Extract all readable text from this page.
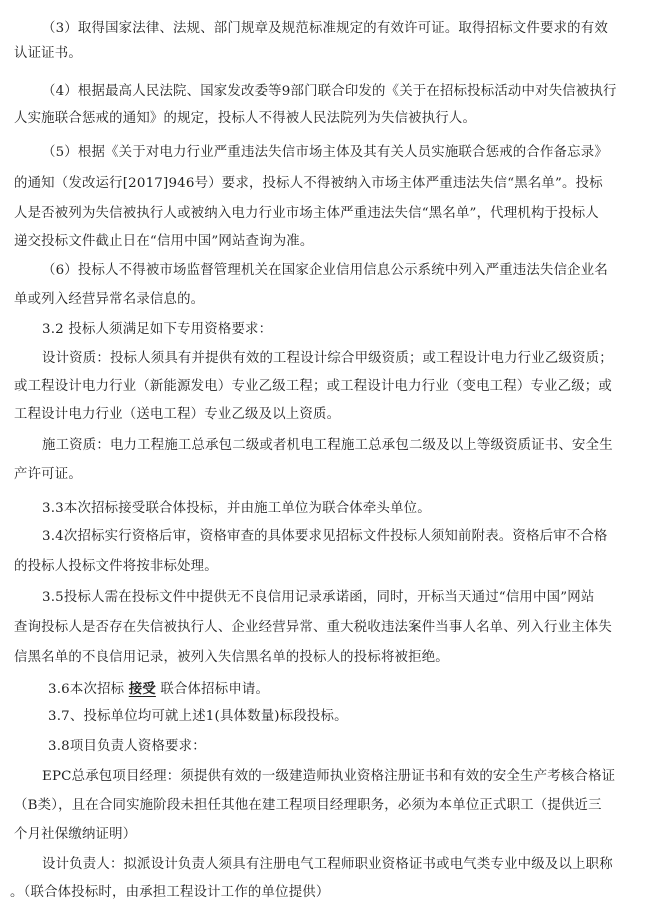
（3）取得国家法律、法规、部门规章及规范标准规定的有效许可证。取得招标文件要求的有效
认证证书。
（4）根据最高人民法院、国家发改委等9部门联合印发的《关于在招标投标活动中对失信被执行
人实施联合惩戒的通知》的规定，投标人不得被人民法院列为失信被执行人。
（5）根据《关于对电力行业严重违法失信市场主体及其有关人员实施联合惩戒的合作备忘录》
的通知（发改运行[2017]946号）要求，投标人不得被纳入市场主体严重违法失信“黑名单”。投标
人是否被列为失信被执行人或被纳入电力行业市场主体严重违法失信“黑名单”，代理机构于投标人
递交投标文件截止日在“信用中国”网站查询为准。
（6）投标人不得被市场监督管理机关在国家企业信用信息公示系统中列入严重违法失信企业名
单或列入经营异常名录信息的。
3.2 投标人须满足如下专用资格要求：
设计资质：投标人须具有并提供有效的工程设计综合甲级资质；或工程设计电力行业乙级资质；
或工程设计电力行业（新能源发电）专业乙级工程；或工程设计电力行业（变电工程）专业乙级；或
工程设计电力行业（送电工程）专业乙级及以上资质。
施工资质：电力工程施工总承包二级或者机电工程施工总承包二级及以上等级资质证书、安全生
产许可证。
3.3本次招标接受联合体投标，并由施工单位为联合体牵头单位。
3.4次招标实行资格后审，资格审查的具体要求见招标文件投标人须知前附表。资格后审不合格
的投标人投标文件将按非标处理。
3.5投标人需在投标文件中提供无不良信用记录承诺函，同时，开标当天通过“信用中国”网站
查询投标人是否存在失信被执行人、企业经营异常、重大税收违法案件当事人名单、列入行业主体失
信黑名单的不良信用记录，被列入失信黑名单的投标人的投标将被拒绝。
3.6本次招标 接受 联合体招标申请。
3.7、投标单位均可就上述1(具体数量)标段投标。
3.8项目负责人资格要求：
EPC总承包项目经理：须提供有效的一级建造师执业资格注册证书和有效的安全生产考核合格证
（B类），且在合同实施阶段未担任其他在建工程项目经理职务，必须为本单位正式职工（提供近三
个月社保缴纳证明）
设计负责人：拟派设计负责人须具有注册电气工程师职业资格证书或电气类专业中级及以上职称
。（联合体投标时，由承担工程设计工作的单位提供）
